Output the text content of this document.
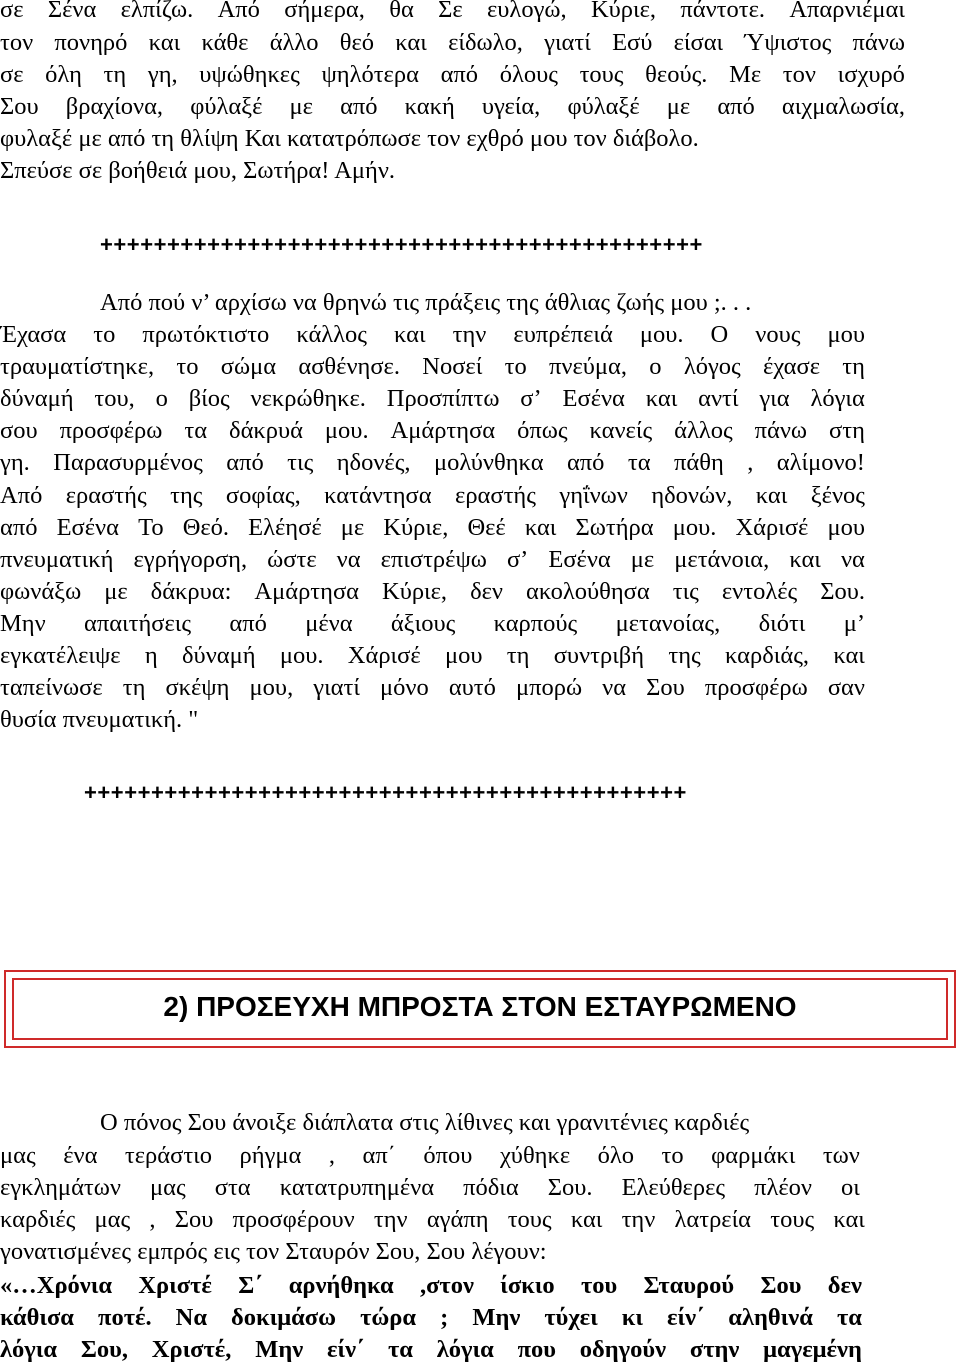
σε Σένα ελπίζω. Από σήμερα, θα Σε ευλογώ, Κύριε, πάντοτε. Απαρνιέμαι
τον πονηρό και κάθε άλλο θεό και είδωλο, γιατί Εσύ είσαι Ύψιστος πάνω
σε όλη τη γη, υψώθηκες ψηλότερα από όλους τους θεούς. Με τον ισχυρό
Σου βραχίονα, φύλαξέ με από κακή υγεία, φύλαξέ με από αιχμαλωσία,
φυλαξέ με από τη θλίψη Και κατατρόπωσε τον εχθρό μου τον διάβολο.
Σπεύσε σε βοήθειά μου, Σωτήρα! Αμήν.
+++++++++++++++++++++++++++++++++++++++++++++
Από πού ν’ αρχίσω να θρηνώ τις πράξεις της άθλιας ζωής μου ;. . .
Έχασα το πρωτόκτιστο κάλλος και την ευπρέπειά μου. Ο νους μου
τραυματίστηκε, το σώμα ασθένησε. Νοσεί το πνεύμα, ο λόγος έχασε τη
δύναμή του, ο βίος νεκρώθηκε. Προσπίπτω σ’ Εσένα και αντί για λόγια
σου προσφέρω τα δάκρυά μου. Αμάρτησα όπως κανείς άλλος πάνω στη
γη. Παρασυρμένος από τις ηδονές, μολύνθηκα από τα πάθη , αλίμονο!
Από εραστής της σοφίας, κατάντησα εραστής γηΐνων ηδονών, και ξένος
από Εσένα Το Θεό. Ελέησέ με Κύριε, Θεέ και Σωτήρα μου. Χάρισέ μου
πνευματική εγρήγορση, ώστε να επιστρέψω σ’ Εσένα με μετάνοια, και να
φωνάξω με δάκρυα: Αμάρτησα Κύριε, δεν ακολούθησα τις εντολές Σου.
Μην απαιτήσεις από μένα άξιους καρπούς μετανοίας, διότι μ’
εγκατέλειψε η δύναμή μου. Χάρισέ μου τη συντριβή της καρδιάς, και
ταπείνωσε τη σκέψη μου, γιατί μόνο αυτό μπορώ να Σου προσφέρω σαν
θυσία πνευματική. "
+++++++++++++++++++++++++++++++++++++++++++++
2) ΠΡΟΣΕΥΧΗ ΜΠΡΟΣΤΑ ΣΤΟΝ ΕΣΤΑΥΡΩΜΕΝΟ
Ο πόνος Σου άνοιξε διάπλατα στις λίθινες και γρανιτένιες καρδιές
μας ένα τεράστιο ρήγμα , απ΄ όπου χύθηκε όλο το φαρμάκι των
εγκλημάτων μας στα κατατρυπημένα πόδια Σου. Ελεύθερες πλέον οι
καρδιές μας , Σου προσφέρουν την αγάπη τους και την λατρεία τους και
γονατισμένες εμπρός εις τον Σταυρόν Σου, Σου λέγουν:
«…Χρόνια Χριστέ Σ΄ αρνήθηκα ,στον ίσκιο του Σταυρού Σου δεν
κάθισα ποτέ. Να δοκιμάσω τώρα ; Μην τύχει κι είν΄ αληθινά τα
λόγια Σου, Χριστέ, Μην είν΄ τα λόγια που οδηγούν στην μαγεμένη
